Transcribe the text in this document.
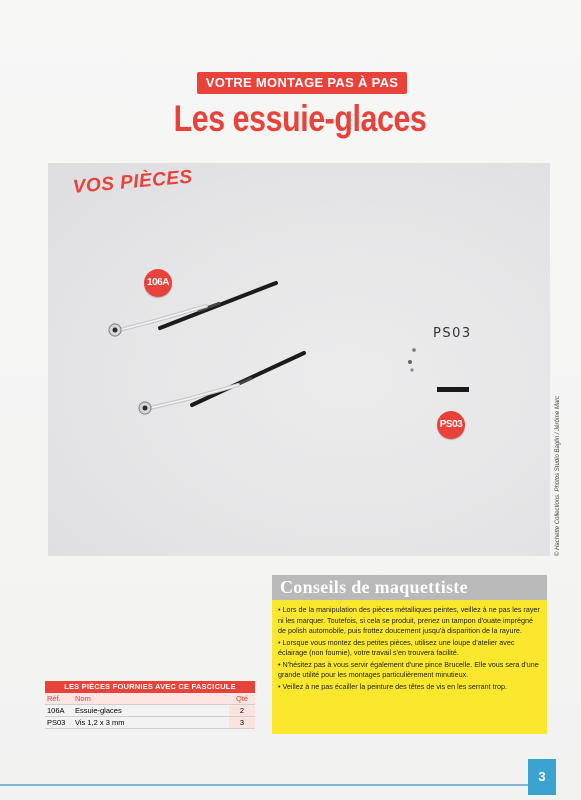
VOTRE MONTAGE PAS À PAS
Les essuie-glaces
VOS PIÈCES
106A
PS03
PS03
© Hachette Collections. Photos Studio Baglin / Jérôme Marc
Conseils de maquettiste

• Lors de la manipulation des pièces métalliques peintes, veillez à ne pas les rayer ni les marquer. Toutefois, si cela se produit, prenez un tampon d'ouate imprégné de polish automobile, puis frottez doucement jusqu'à disparition de la rayure.

• Lorsque vous montez des petites pièces, utilisez une loupe d'atelier avec éclairage (non fournie), votre travail s'en trouvera facilité.

• N'hésitez pas à vous servir également d'une pince Brucelle. Elle vous sera d'une grande utilité pour les montages particulièrement minutieux.

• Veillez à ne pas écailler la peinture des têtes de vis en les serrant trop.

LES PIÈCES FOURNIES AVEC CE FASCICULE
Réf.	Nom	Qté
106A	Essuie-glaces	2
PS03	Vis 1,2 x 3 mm	3
3
